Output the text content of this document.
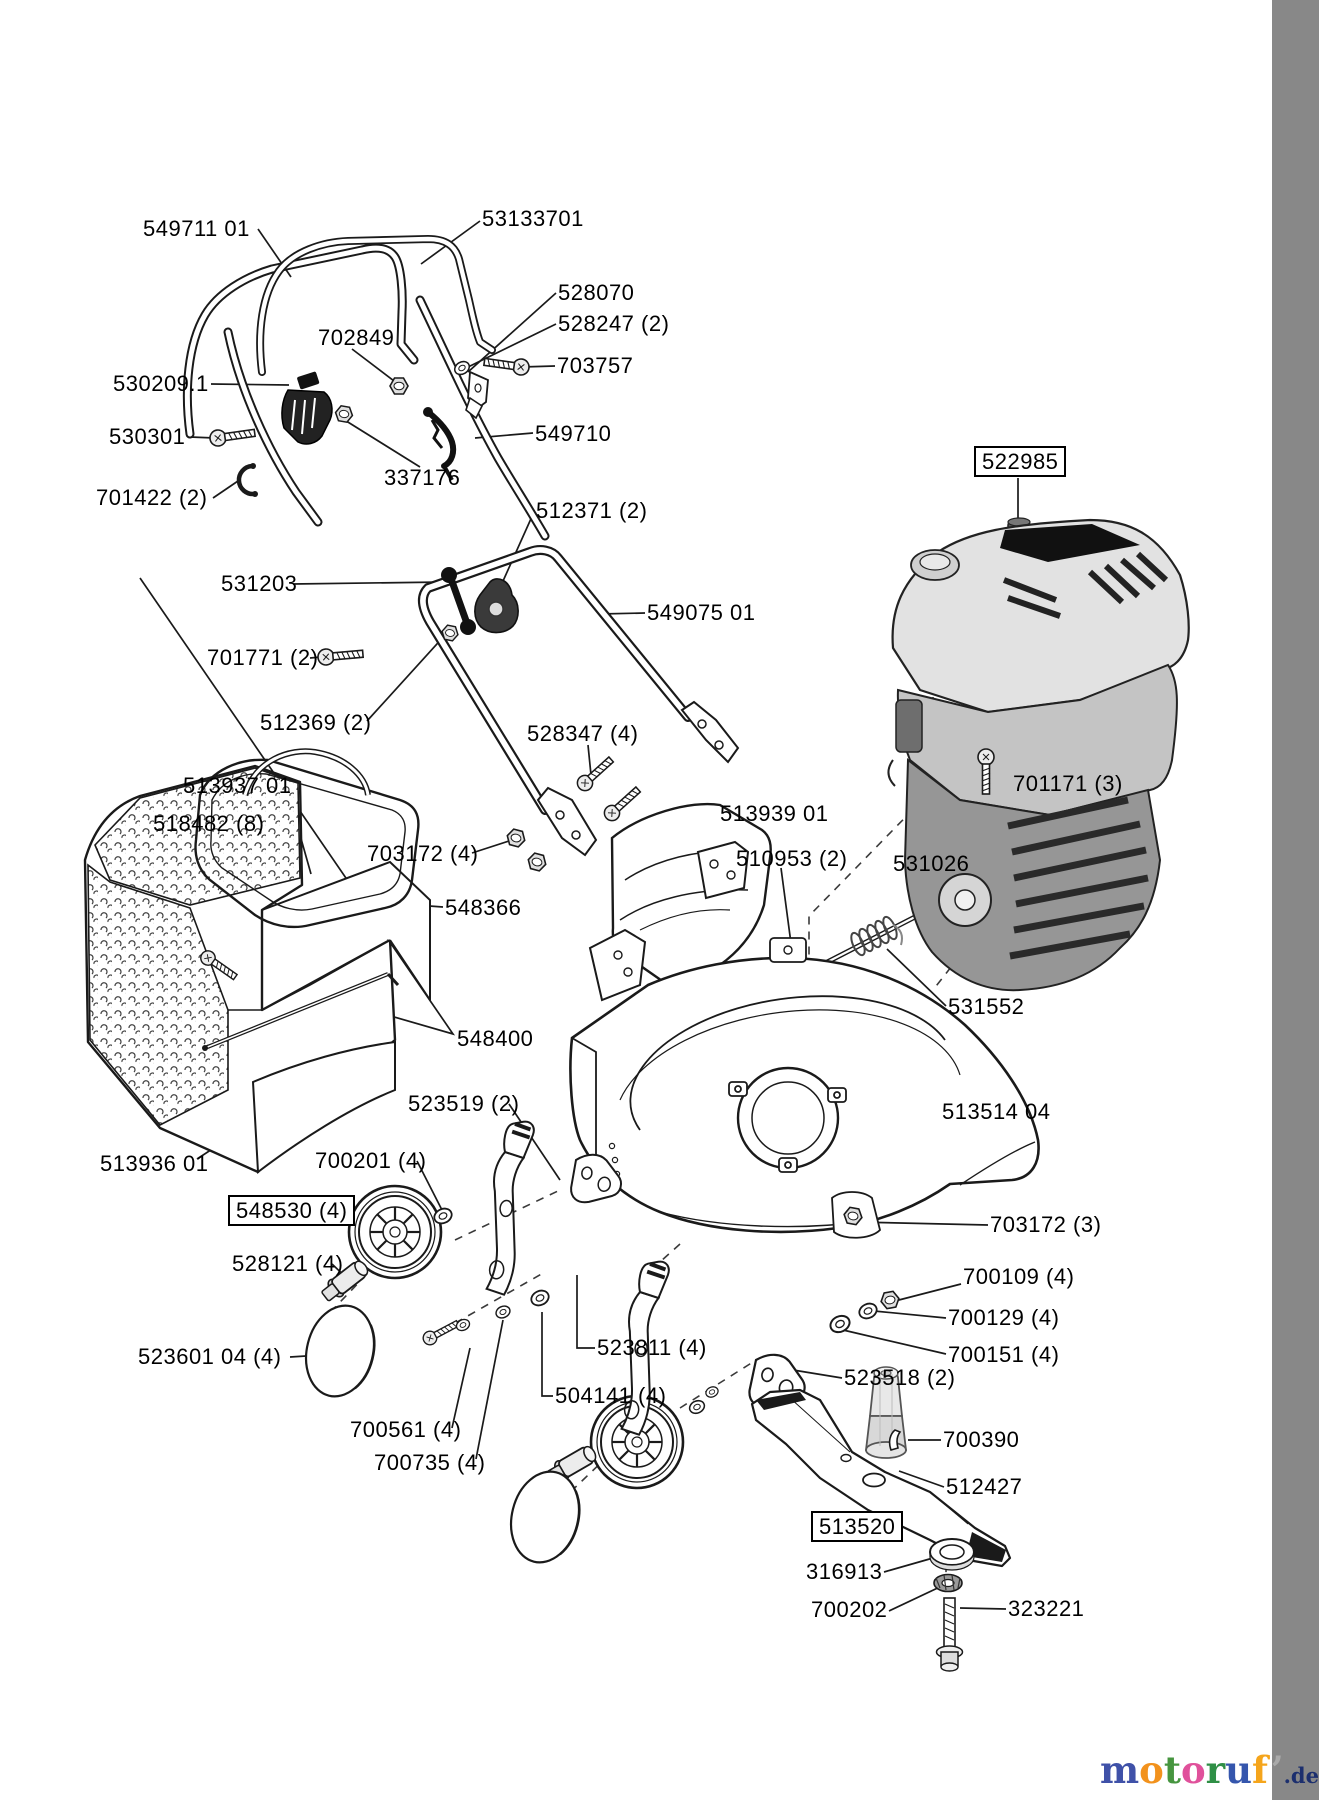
549711 01	53133701
528070
528247 (2)
703757
702849
530209.1
530301
337176
701422 (2)
549710
512371 (2)
531203
701771 (2)
512369 (2)
549075 01
528347 (4)
513937 01
518482 (8)
703172 (4)
548366
513939 01
510953 (2) 531026
701171 (3)
531552
522985
548400
513936 01
523519 (2)
700201 (4)
548530 (4)
528121 (4)
523601 04 (4)
700561 (4)
700735 (4)
504141 (4)
523811 (4)
513514 04
703172 (3)
700109 (4)
700129 (4)
700151 (4)
523518 (2)
700390
512427
513520
316913
700202	323221
motoruf’.de
